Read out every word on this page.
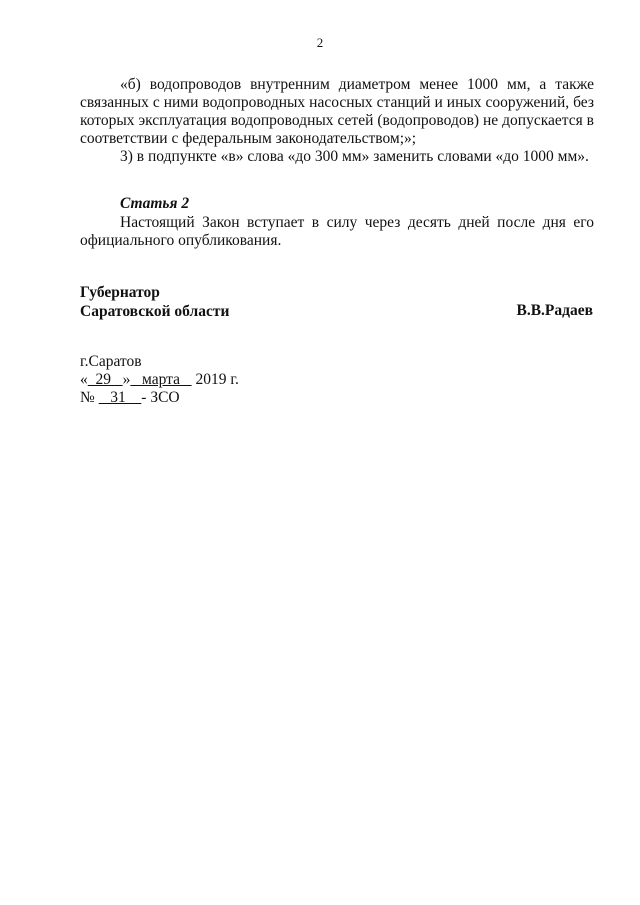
2

«б) водопроводов внутренним диаметром менее 1000 мм, а также связанных с ними водопроводных насосных станций и иных сооружений, без которых эксплуатация водопроводных сетей (водопроводов) не допускается в соответствии с федеральным законодательством;»;

3) в подпункте «в» слова «до 300 мм» заменить словами «до 1000 мм».

Статья 2

Настоящий Закон вступает в силу через десять дней после дня его официального опубликования.

Губернатор
Саратовской области	В.В.Радаев
г.Саратов
«  29   »   марта    2019 г.
№    31    - ЗСО
